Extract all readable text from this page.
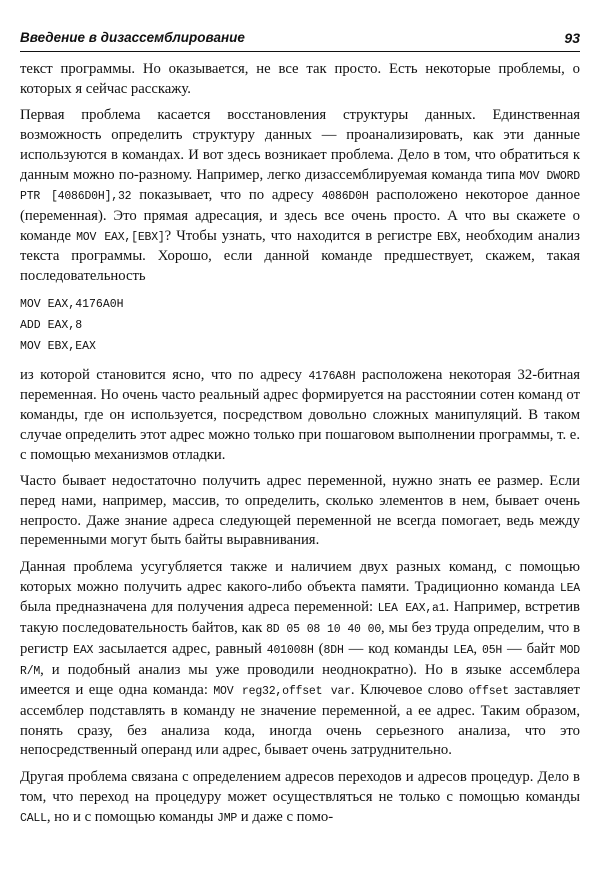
Введение в дизассемблирование	93

текст программы. Но оказывается, не все так просто. Есть некоторые проблемы, о которых я сейчас расскажу.

Первая проблема касается восстановления структуры данных. Единственная возможность определить структуру данных — проанализировать, как эти данные используются в командах. И вот здесь возникает проблема. Дело в том, что обратиться к данным можно по-разному. Например, легко дизассемблируемая команда типа MOV DWORD PTR [4086D0H],32 показывает, что по адресу 4086D0H расположено некоторое данное (переменная). Это прямая адресация, и здесь все очень просто. А что вы скажете о команде MOV EAX,[EBX]? Чтобы узнать, что находится в регистре EBX, необходим анализ текста программы. Хорошо, если данной команде предшествует, скажем, такая последовательность

MOV EAX,4176A0H
ADD EAX,8
MOV EBX,EAX

из которой становится ясно, что по адресу 4176A8H расположена некоторая 32-битная переменная. Но очень часто реальный адрес формируется на расстоянии сотен команд от команды, где он используется, посредством довольно сложных манипуляций. В таком случае определить этот адрес можно только при пошаговом выполнении программы, т. е. с помощью механизмов отладки.

Часто бывает недостаточно получить адрес переменной, нужно знать ее размер. Если перед нами, например, массив, то определить, сколько элементов в нем, бывает очень непросто. Даже знание адреса следующей переменной не всегда помогает, ведь между переменными могут быть байты выравнивания.

Данная проблема усугубляется также и наличием двух разных команд, с помощью которых можно получить адрес какого-либо объекта памяти. Традиционно команда LEA была предназначена для получения адреса переменной: LEA EAX,a1. Например, встретив такую последовательность байтов, как 8D 05 08 10 40 00, мы без труда определим, что в регистр EAX засылается адрес, равный 401008H (8DH — код команды LEA, 05H — байт MOD R/M, и подобный анализ мы уже проводили неоднократно). Но в языке ассемблера имеется и еще одна команда: MOV reg32,offset var. Ключевое слово offset заставляет ассемблер подставлять в команду не значение переменной, а ее адрес. Таким образом, понять сразу, без анализа кода, иногда очень серьезного анализа, что это непосредственный операнд или адрес, бывает очень затруднительно.

Другая проблема связана с определением адресов переходов и адресов процедур. Дело в том, что переход на процедуру может осуществляться не только с помощью команды CALL, но и с помощью команды JMP и даже с помо-
